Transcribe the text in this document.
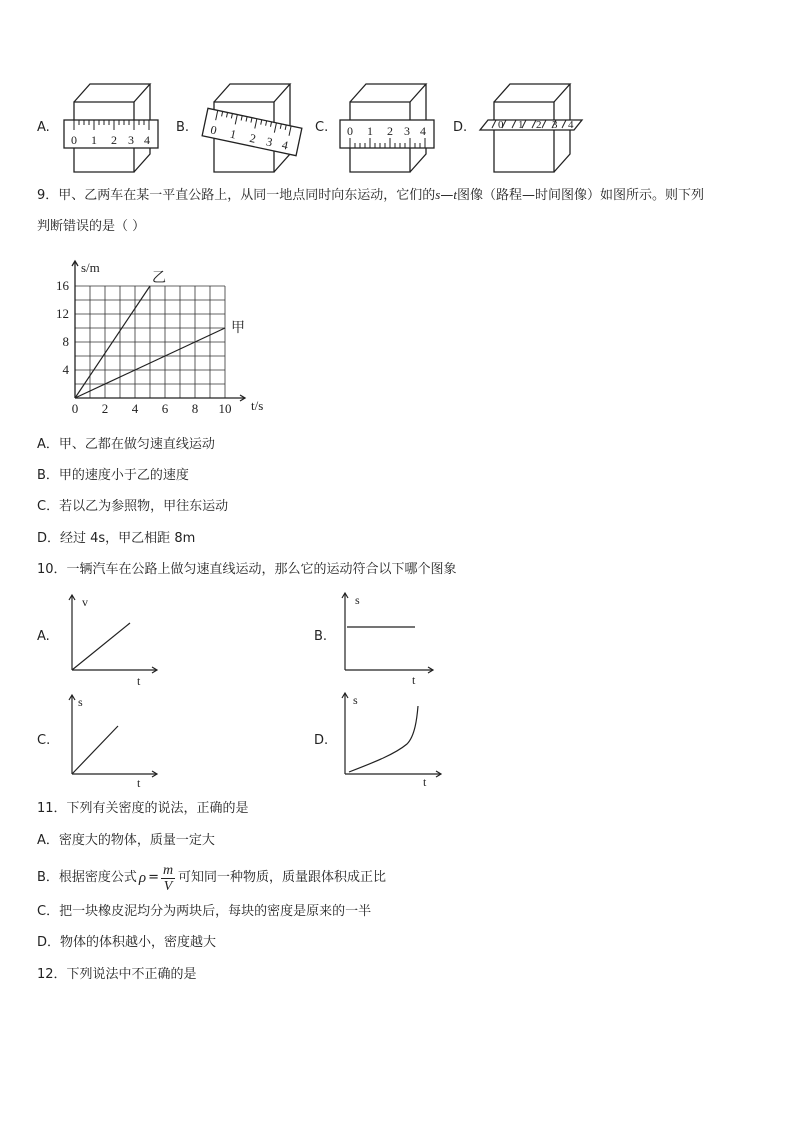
A.
0 1 2 3 4
B. 0 1 2 3 4
C. 0 1 2 3 4 D.	0 1 2 3 4
9．甲、乙两车在某一平直公路上，从同一地点同时向东运动，它们的s—t图像（路程—时间图像）如图所示。则下列
判断错误的是（ ）
0 2 4 6 8 10
4
8
12
16	乙
甲
s/m
t/s
A．甲、乙都在做匀速直线运动
B．甲的速度小于乙的速度
C．若以乙为参照物，甲往东运动
D．经过 4s，甲乙相距 8m
10．一辆汽车在公路上做匀速直线运动，那么它的运动符合以下哪个图象
A.
v
t
B.
s
t
C.
s
t
D.
s
t
11．下列有关密度的说法，正确的是
A．密度大的物体，质量一定大
B．根据密度公式 ρ = m
V
可知同一种物质，质量跟体积成正比
C．把一块橡皮泥均分为两块后，每块的密度是原来的一半
D．物体的体积越小，密度越大
12．下列说法中不正确的是
